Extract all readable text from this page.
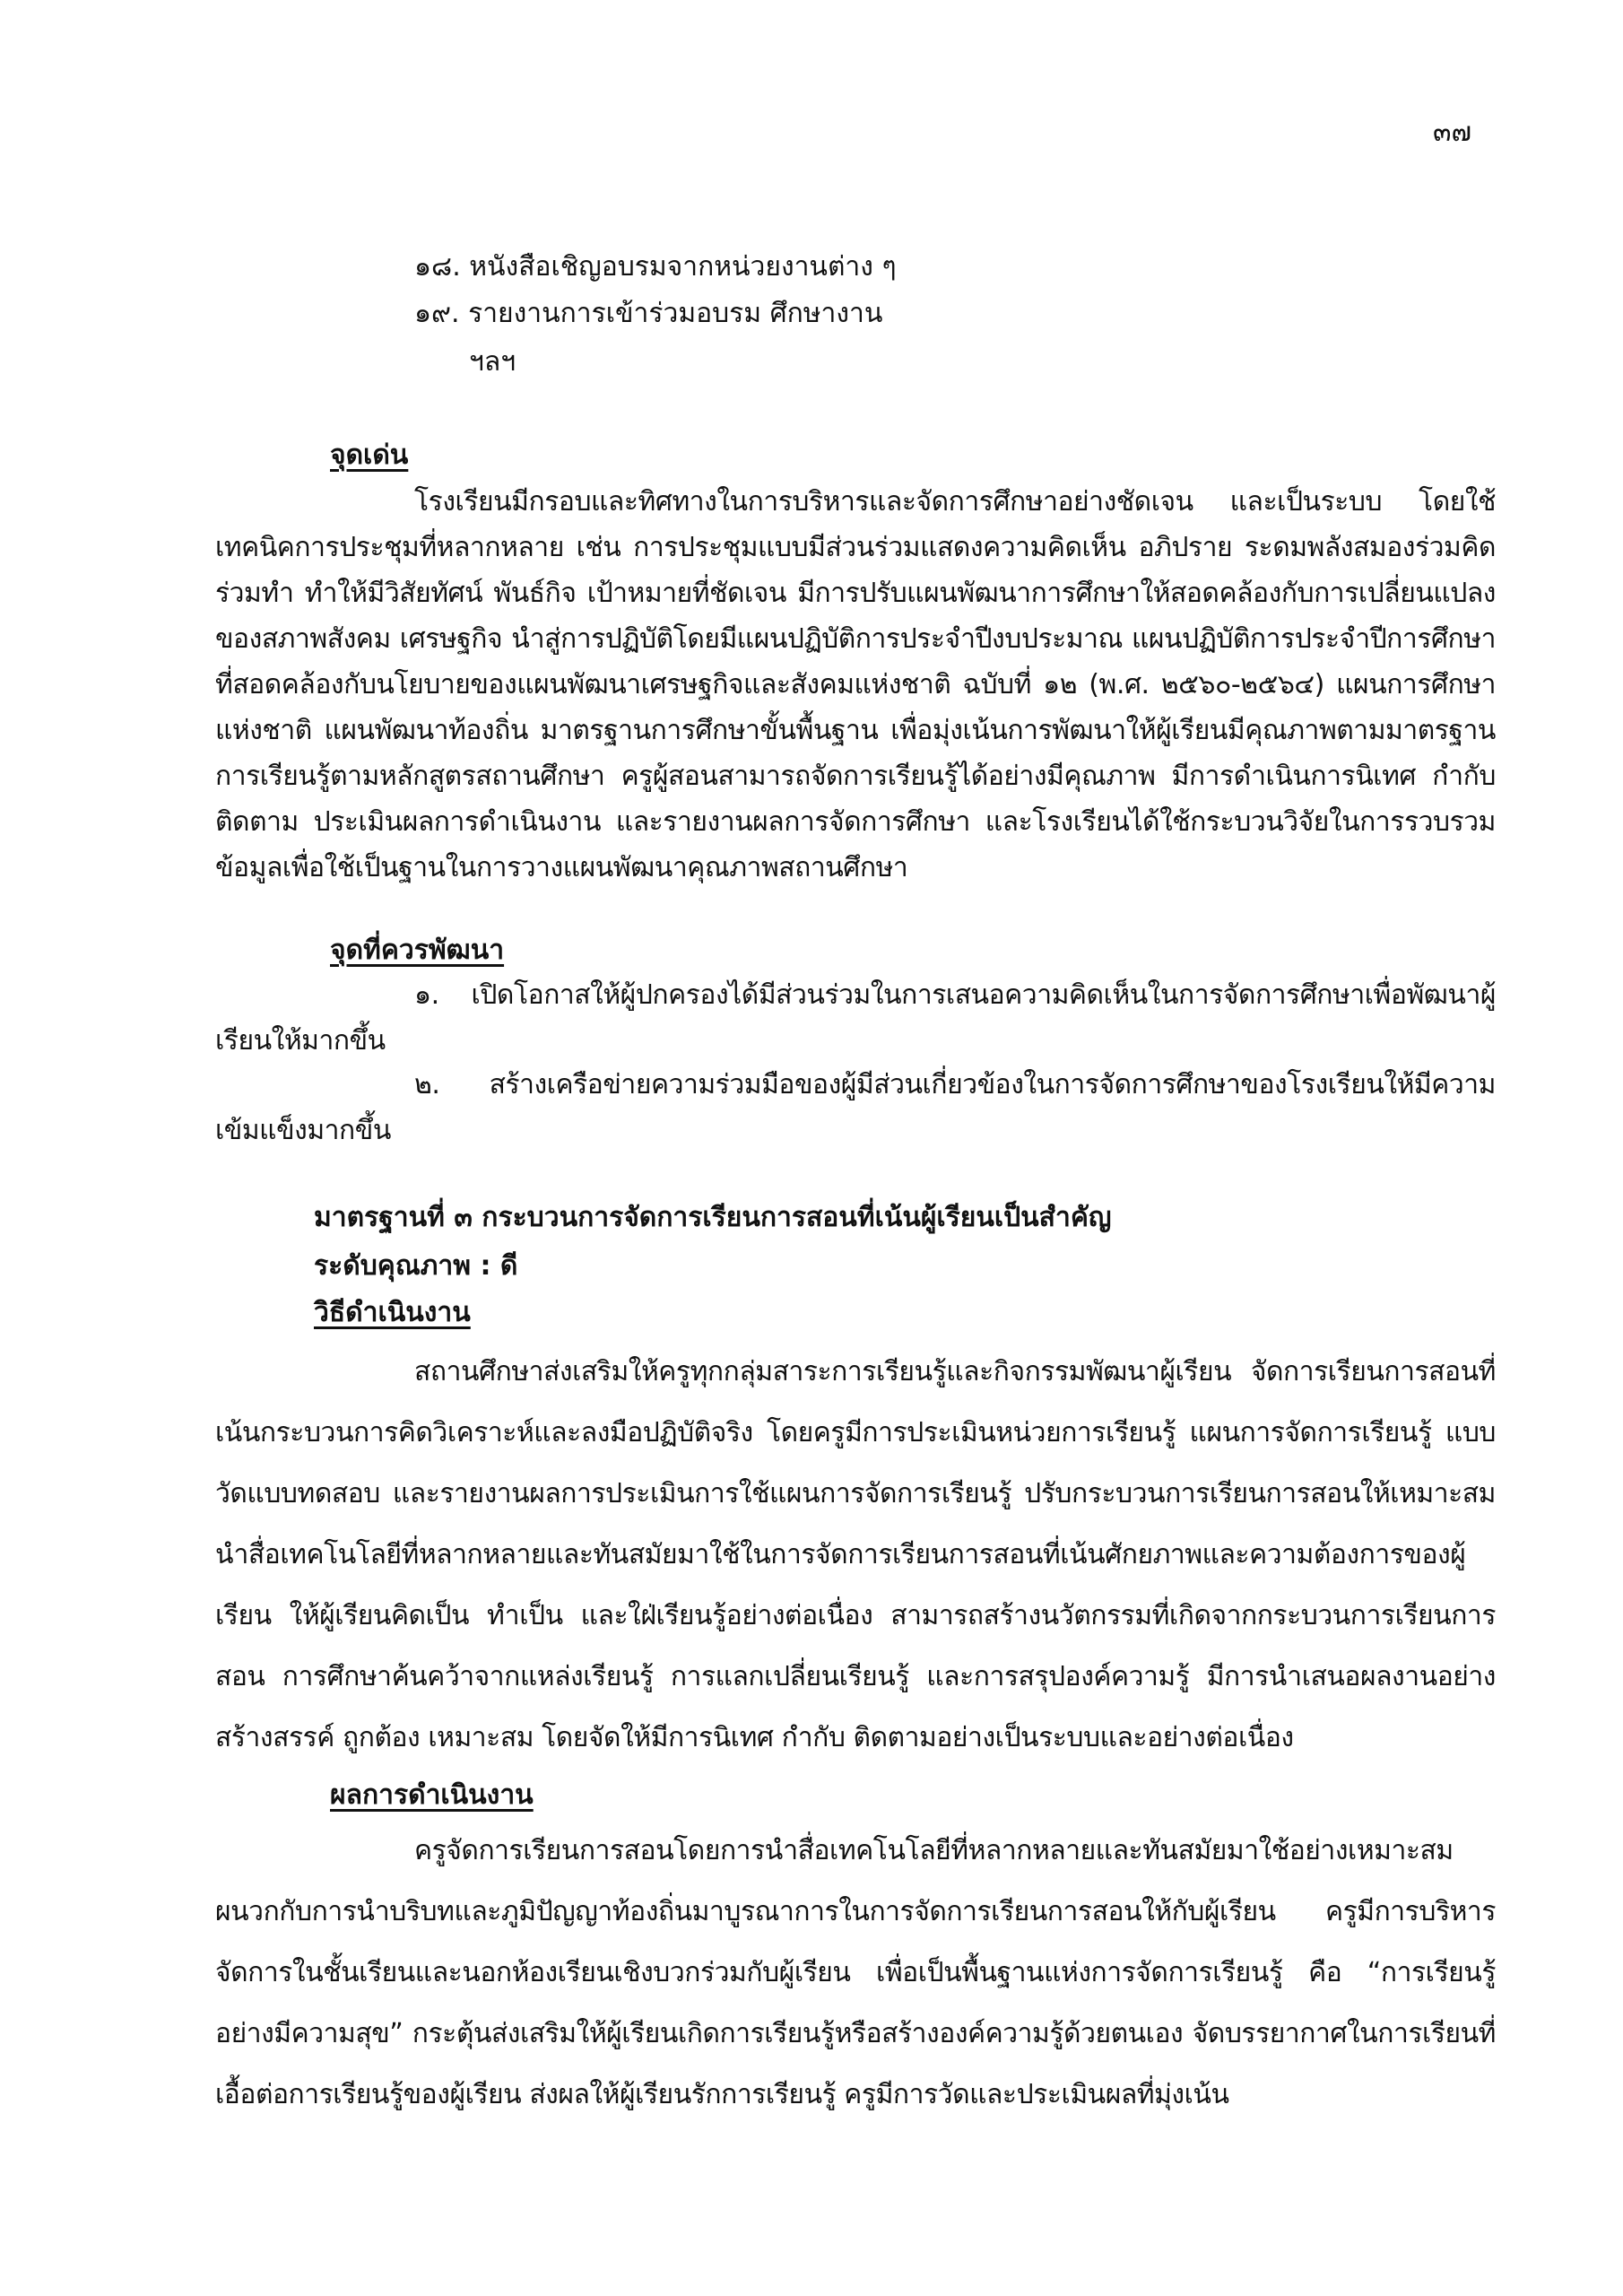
๓๗

๑๘. หนังสือเชิญอบรมจากหน่วยงานต่าง ๆ

๑๙. รายงานการเข้าร่วมอบรม ศึกษางาน

ฯลฯ

จุดเด่น

โรงเรียนมีกรอบและทิศทางในการบริหารและจัดการศึกษาอย่างชัดเจน และเป็นระบบ โดยใช้เทคนิคการประชุมที่หลากหลาย เช่น การประชุมแบบมีส่วนร่วมแสดงความคิดเห็น อภิปราย ระดมพลังสมองร่วมคิด ร่วมทำ ทำให้มีวิสัยทัศน์ พันธ์กิจ เป้าหมายที่ชัดเจน มีการปรับแผนพัฒนาการศึกษาให้สอดคล้องกับการเปลี่ยนแปลงของสภาพสังคม เศรษฐกิจ นำสู่การปฏิบัติโดยมีแผนปฏิบัติการประจำปีงบประมาณ แผนปฏิบัติการประจำปีการศึกษา ที่สอดคล้องกับนโยบายของแผนพัฒนาเศรษฐกิจและสังคมแห่งชาติ ฉบับที่ ๑๒ (พ.ศ. ๒๕๖๐-๒๕๖๔) แผนการศึกษาแห่งชาติ แผนพัฒนาท้องถิ่น มาตรฐานการศึกษาขั้นพื้นฐาน เพื่อมุ่งเน้นการพัฒนาให้ผู้เรียนมีคุณภาพตามมาตรฐานการเรียนรู้ตามหลักสูตรสถานศึกษา ครูผู้สอนสามารถจัดการเรียนรู้ได้อย่างมีคุณภาพ มีการดำเนินการนิเทศ กำกับ ติดตาม ประเมินผลการดำเนินงาน และรายงานผลการจัดการศึกษา และโรงเรียนได้ใช้กระบวนวิจัยในการรวบรวมข้อมูลเพื่อใช้เป็นฐานในการวางแผนพัฒนาคุณภาพสถานศึกษา

จุดที่ควรพัฒนา

๑. เปิดโอกาสให้ผู้ปกครองได้มีส่วนร่วมในการเสนอความคิดเห็นในการจัดการศึกษาเพื่อพัฒนาผู้เรียนให้มากขึ้น

๒. สร้างเครือข่ายความร่วมมือของผู้มีส่วนเกี่ยวข้องในการจัดการศึกษาของโรงเรียนให้มีความเข้มแข็งมากขึ้น

มาตรฐานที่ ๓ กระบวนการจัดการเรียนการสอนที่เน้นผู้เรียนเป็นสำคัญ

ระดับคุณภาพ : ดี

วิธีดำเนินงาน

สถานศึกษาส่งเสริมให้ครูทุกกลุ่มสาระการเรียนรู้และกิจกรรมพัฒนาผู้เรียน จัดการเรียนการสอนที่เน้นกระบวนการคิดวิเคราะห์และลงมือปฏิบัติจริง โดยครูมีการประเมินหน่วยการเรียนรู้ แผนการจัดการเรียนรู้ แบบวัดแบบทดสอบ และรายงานผลการประเมินการใช้แผนการจัดการเรียนรู้ ปรับกระบวนการเรียนการสอนให้เหมาะสม นำสื่อเทคโนโลยีที่หลากหลายและทันสมัยมาใช้ในการจัดการเรียนการสอนที่เน้นศักยภาพและความต้องการของผู้เรียน ให้ผู้เรียนคิดเป็น ทำเป็น และใฝ่เรียนรู้อย่างต่อเนื่อง สามารถสร้างนวัตกรรมที่เกิดจากกระบวนการเรียนการสอน การศึกษาค้นคว้าจากแหล่งเรียนรู้ การแลกเปลี่ยนเรียนรู้ และการสรุปองค์ความรู้ มีการนำเสนอผลงานอย่างสร้างสรรค์ ถูกต้อง เหมาะสม โดยจัดให้มีการนิเทศ กำกับ ติดตามอย่างเป็นระบบและอย่างต่อเนื่อง

ผลการดำเนินงาน

ครูจัดการเรียนการสอนโดยการนำสื่อเทคโนโลยีที่หลากหลายและทันสมัยมาใช้อย่างเหมาะสม ผนวกกับการนำบริบทและภูมิปัญญาท้องถิ่นมาบูรณาการในการจัดการเรียนการสอนให้กับผู้เรียน ครูมีการบริหารจัดการในชั้นเรียนและนอกห้องเรียนเชิงบวกร่วมกับผู้เรียน เพื่อเป็นพื้นฐานแห่งการจัดการเรียนรู้ คือ “การเรียนรู้อย่างมีความสุข” กระตุ้นส่งเสริมให้ผู้เรียนเกิดการเรียนรู้หรือสร้างองค์ความรู้ด้วยตนเอง จัดบรรยากาศในการเรียนที่เอื้อต่อการเรียนรู้ของผู้เรียน ส่งผลให้ผู้เรียนรักการเรียนรู้ ครูมีการวัดและประเมินผลที่มุ่งเน้น
